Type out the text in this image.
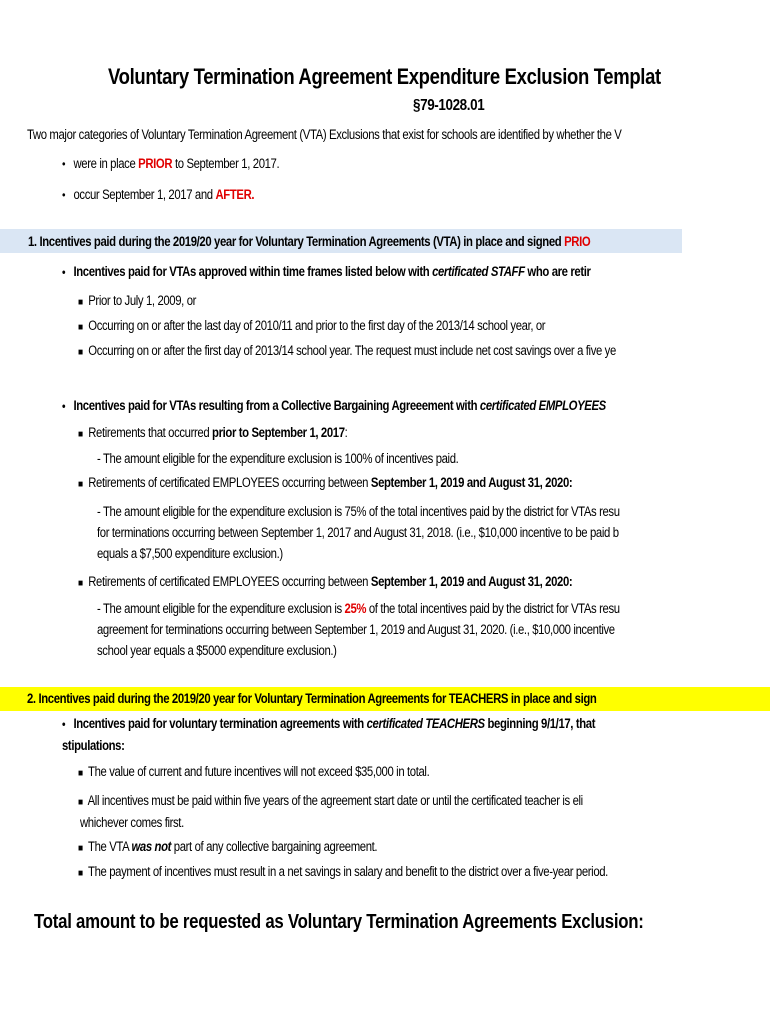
Voluntary Termination Agreement Expenditure Exclusion Templat
§79-1028.01
Two major categories of Voluntary Termination Agreement (VTA) Exclusions that exist for schools are identified by whether the V
• were in place PRIOR to September 1, 2017.
• occur September 1, 2017 and AFTER.
1. Incentives paid during the 2019/20 year for Voluntary Termination Agreements (VTA) in place and signed PRIO
• Incentives paid for VTAs approved within time frames listed below with certificated STAFF who are retir
■ Prior to July 1, 2009, or
■ Occurring on or after the last day of 2010/11 and prior to the first day of the 2013/14 school year, or
■ Occurring on or after the first day of 2013/14 school year. The request must include net cost savings over a five ye
• Incentives paid for VTAs resulting from a Collective Bargaining Agreeement with certificated EMPLOYEES
■ Retirements that occurred prior to September 1, 2017:
- The amount eligible for the expenditure exclusion is 100% of incentives paid.
■ Retirements of certificated EMPLOYEES occurring between September 1, 2019 and August 31, 2020:
- The amount eligible for the expenditure exclusion is 75% of the total incentives paid by the district for VTAs resu
for terminations occurring between September 1, 2017 and August 31, 2018. (i.e., $10,000 incentive to be paid b
equals a $7,500 expenditure exclusion.)
■ Retirements of certificated EMPLOYEES occurring between September 1, 2019 and August 31, 2020:
- The amount eligible for the expenditure exclusion is 25% of the total incentives paid by the district for VTAs resu
agreement for terminations occurring between September 1, 2019 and August 31, 2020. (i.e., $10,000 incentive
school year equals a $5000 expenditure exclusion.)
2. Incentives paid during the 2019/20 year for Voluntary Termination Agreements for TEACHERS in place and sign
• Incentives paid for voluntary termination agreements with certificated TEACHERS beginning 9/1/17, that
stipulations:
■ The value of current and future incentives will not exceed $35,000 in total.
■ All incentives must be paid within five years of the agreement start date or until the certificated teacher is eli
whichever comes first.
■ The VTA was not part of any collective bargaining agreement.
■ The payment of incentives must result in a net savings in salary and benefit to the district over a five-year period.
Total amount to be requested as Voluntary Termination Agreements Exclusion:
